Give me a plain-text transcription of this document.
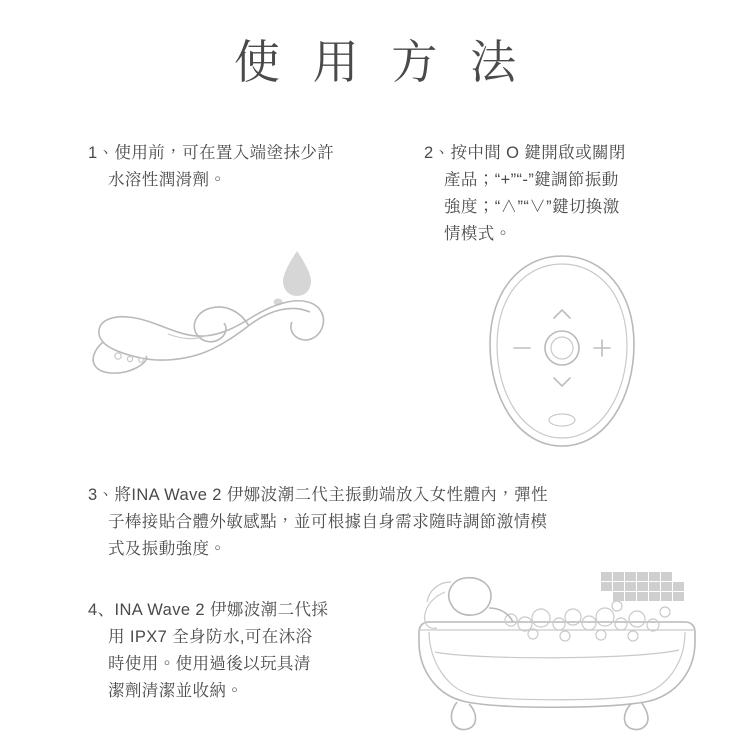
使 用 方 法

1、使用前，可在置入端塗抹少許

水溶性潤滑劑。

2、按中間 O 鍵開啟或關閉

產品；“+”“-”鍵調節振動

強度；“∧”“∨”鍵切換激

情模式。

3、將INA Wave 2 伊娜波潮二代主振動端放入女性體內，彈性

子棒接貼合體外敏感點，並可根據自身需求隨時調節激情模

式及振動強度。

4、INA Wave 2 伊娜波潮二代採

用 IPX7 全身防水,可在沐浴

時使用。使用過後以玩具清

潔劑清潔並收納。
